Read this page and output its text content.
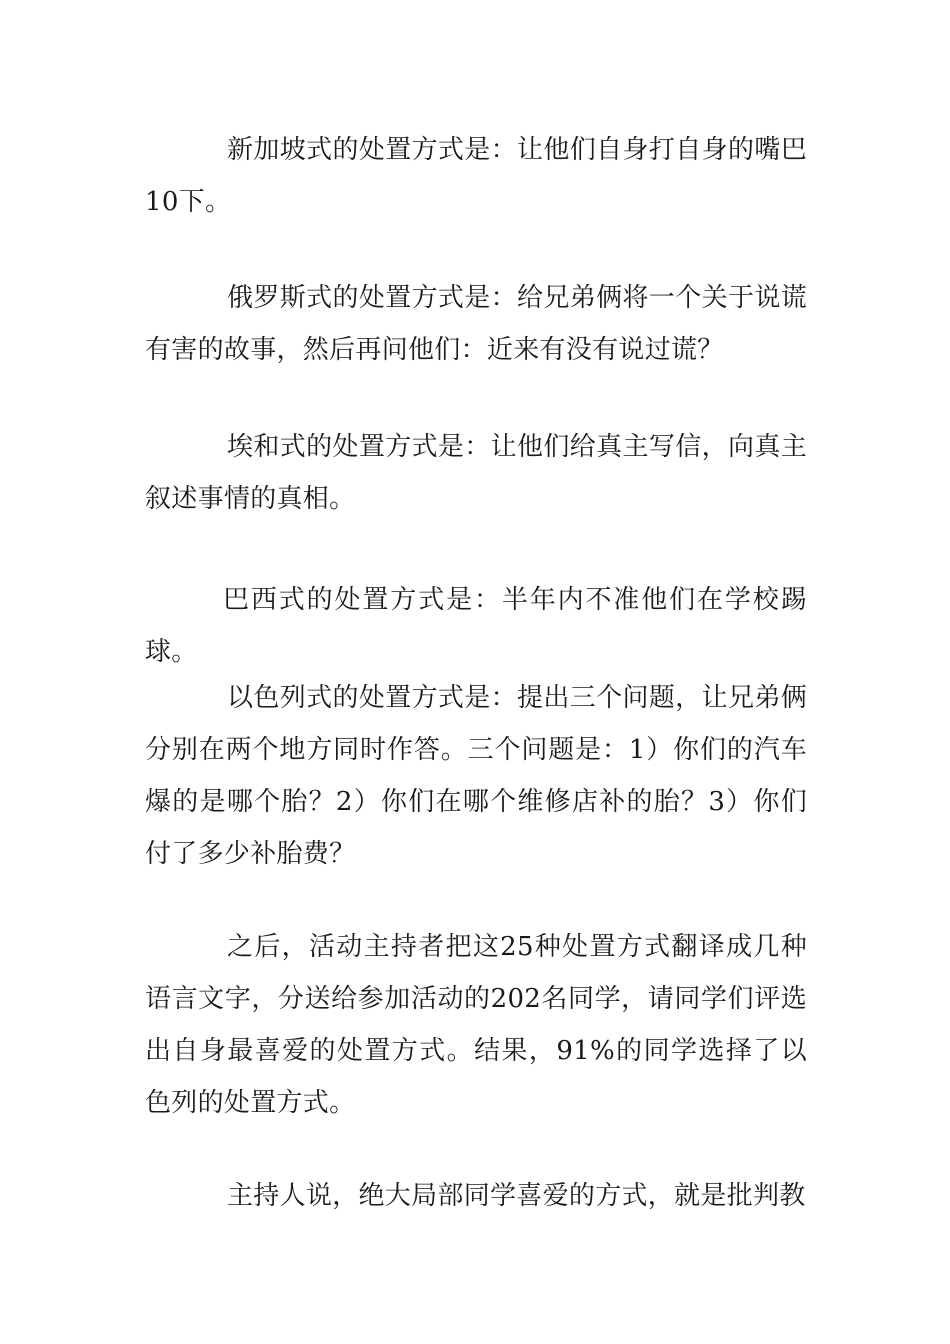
新加坡式的处置方式是：让他们自身打自身的嘴巴10下。

俄罗斯式的处置方式是：给兄弟俩将一个关于说谎有害的故事，然后再问他们：近来有没有说过谎？

埃和式的处置方式是：让他们给真主写信，向真主叙述事情的真相。

巴西式的处置方式是：半年内不准他们在学校踢球。

以色列式的处置方式是：提出三个问题，让兄弟俩分别在两个地方同时作答。三个问题是：1）你们的汽车爆的是哪个胎？2）你们在哪个维修店补的胎？3）你们付了多少补胎费？

之后，活动主持者把这25种处置方式翻译成几种语言文字，分送给参加活动的202名同学，请同学们评选出自身最喜爱的处置方式。结果，91%的同学选择了以色列的处置方式。

主持人说，绝大局部同学喜爱的方式，就是批判教
